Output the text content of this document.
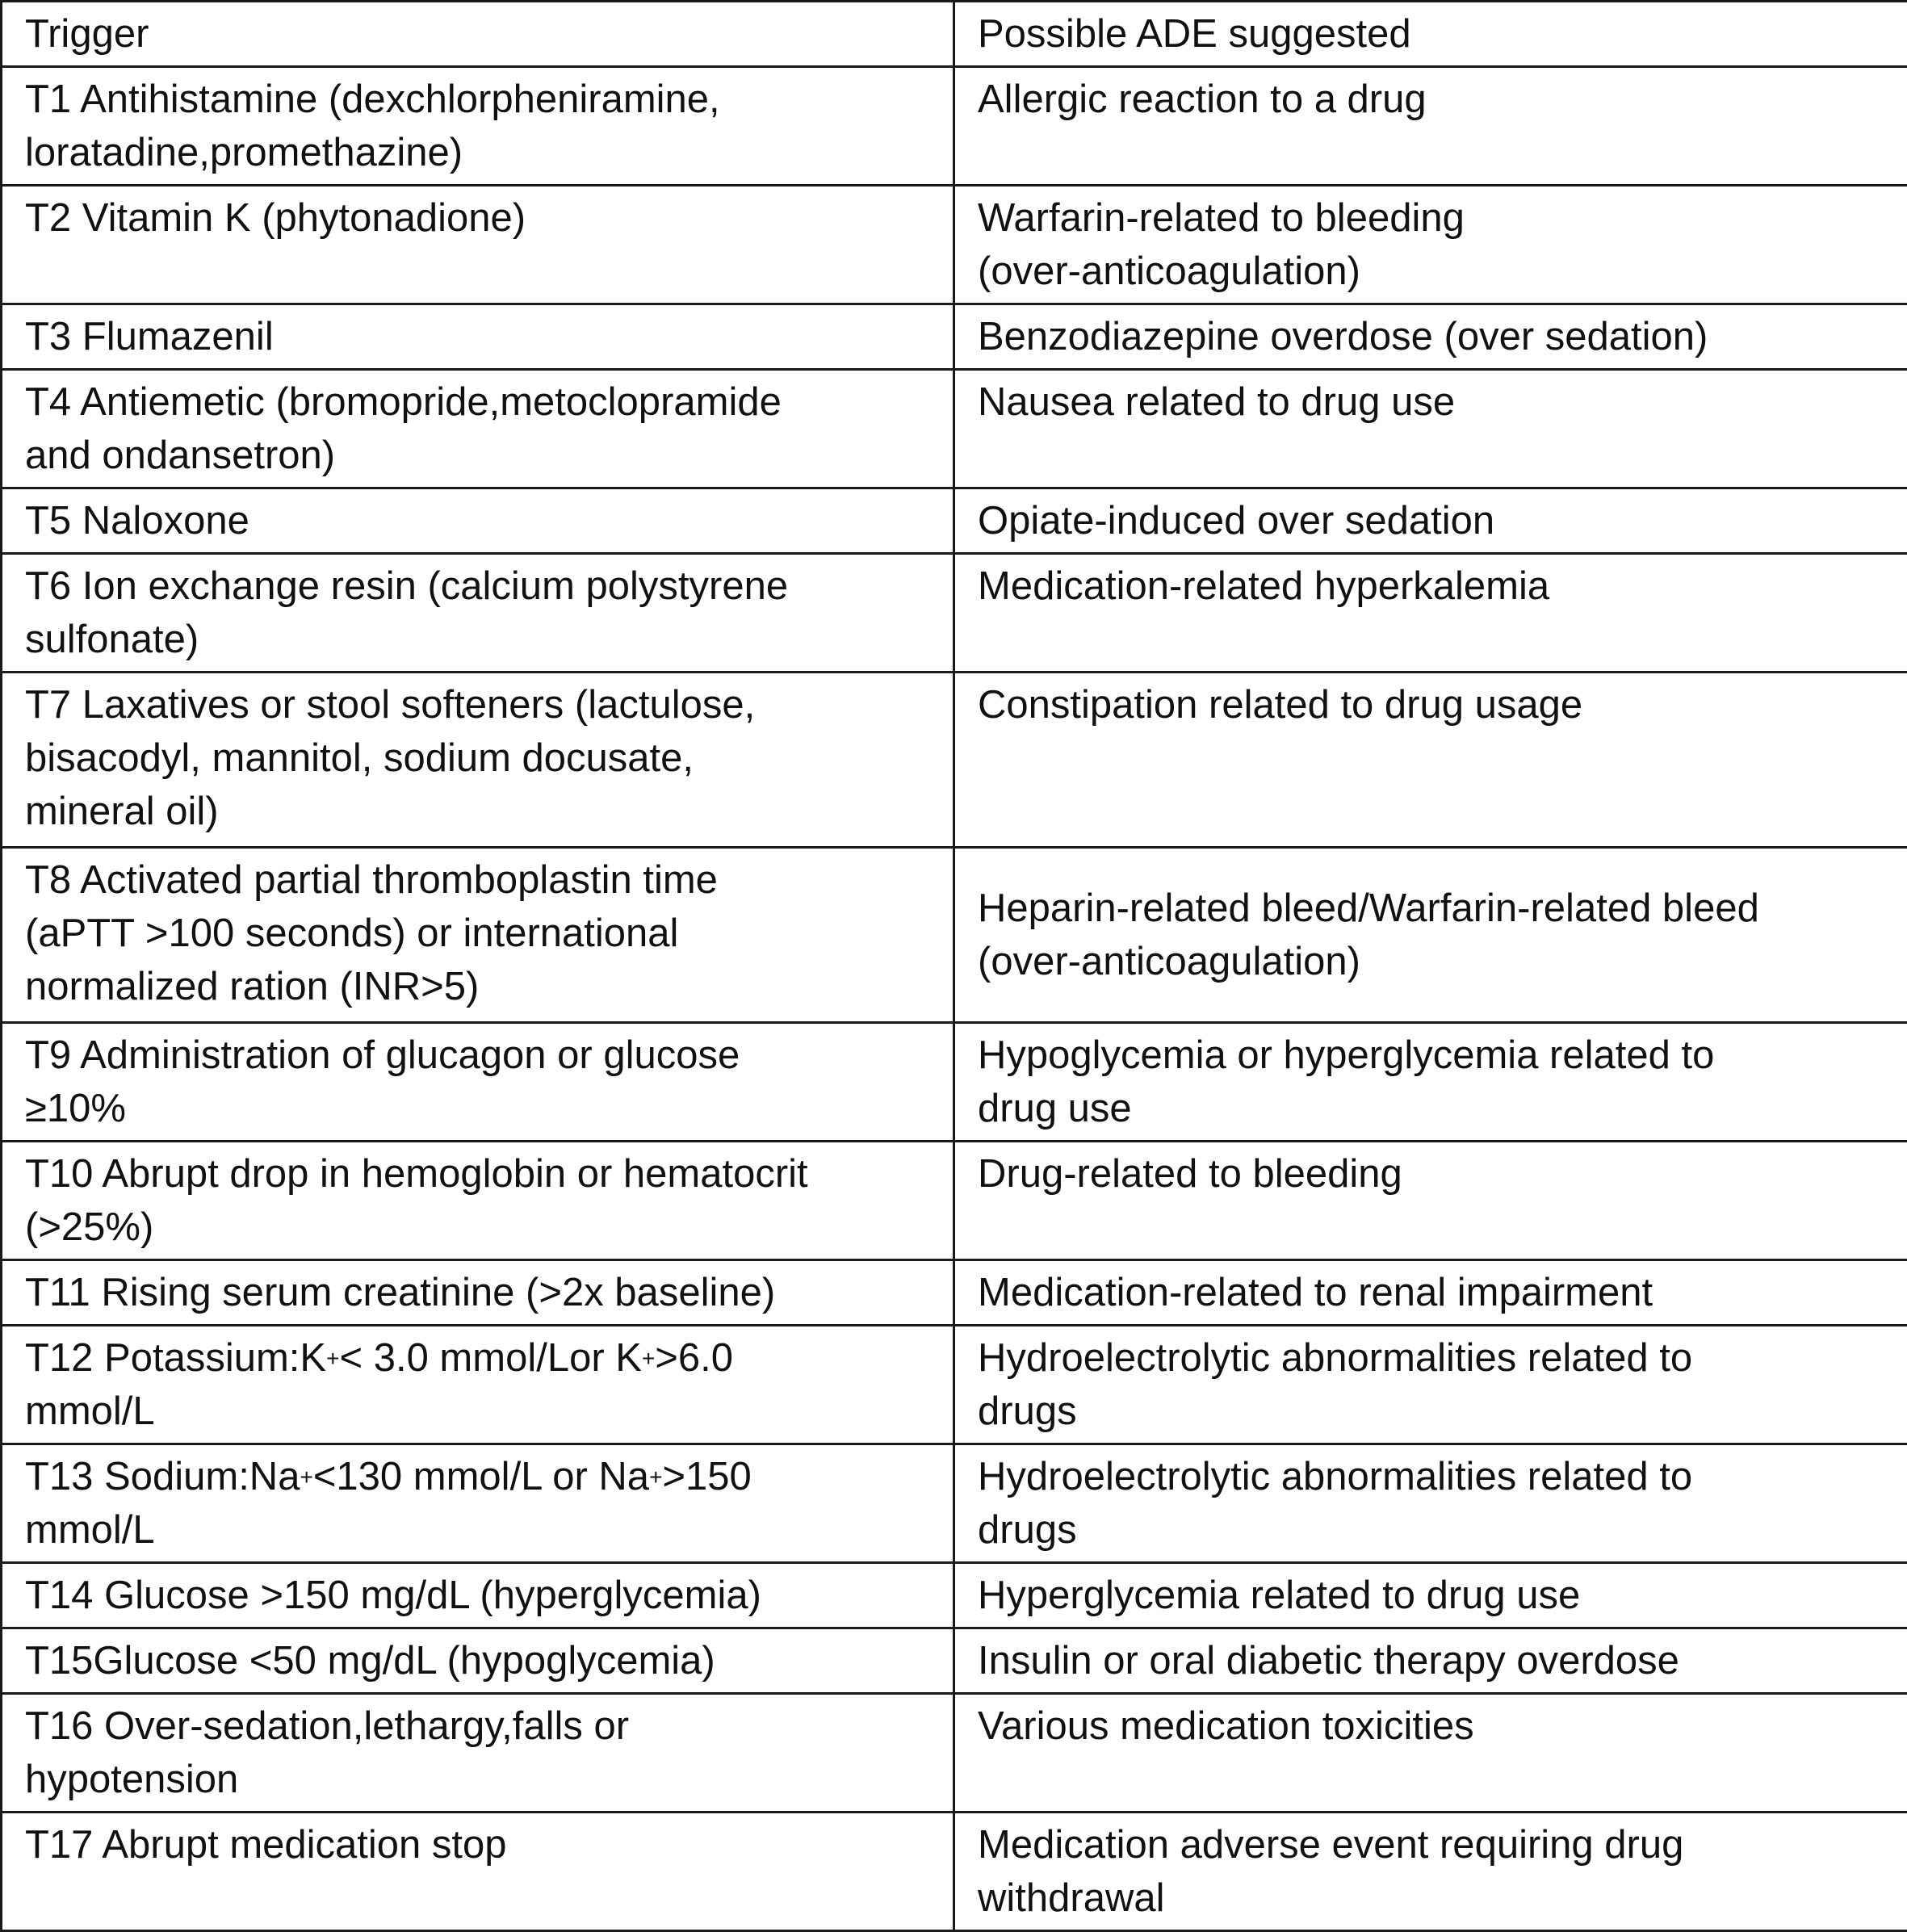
Trigger	Possible ADE suggested
T1 Antihistamine (dexchlorpheniramine,
loratadine,promethazine)	Allergic reaction to a drug
T2 Vitamin K (phytonadione)	Warfarin-related to bleeding
(over-anticoagulation)
T3 Flumazenil	Benzodiazepine overdose (over sedation)
T4 Antiemetic (bromopride,metoclopramide
and ondansetron)	Nausea related to drug use
T5 Naloxone	Opiate-induced over sedation
T6 Ion exchange resin (calcium polystyrene
sulfonate)	Medication-related hyperkalemia
T7 Laxatives or stool softeners (lactulose,
bisacodyl, mannitol, sodium docusate,
mineral oil)	Constipation related to drug usage
T8 Activated partial thromboplastin time
(aPTT >100 seconds) or international
normalized ration (INR>5)	Heparin-related bleed/Warfarin-related bleed
(over-anticoagulation)
T9 Administration of glucagon or glucose
≥10%	Hypoglycemia or hyperglycemia related to
drug use
T10 Abrupt drop in hemoglobin or hematocrit
(>25%)	Drug-related to bleeding
T11 Rising serum creatinine (>2x baseline)	Medication-related to renal impairment
T12 Potassium:K+< 3.0 mmol/Lor K+>6.0
mmol/L	Hydroelectrolytic abnormalities related to
drugs
T13 Sodium:Na+<130 mmol/L or Na+>150
mmol/L	Hydroelectrolytic abnormalities related to
drugs
T14 Glucose >150 mg/dL (hyperglycemia)	Hyperglycemia related to drug use
T15Glucose <50 mg/dL (hypoglycemia)	Insulin or oral diabetic therapy overdose
T16 Over-sedation,lethargy,falls or
hypotension	Various medication toxicities
T17 Abrupt medication stop	Medication adverse event requiring drug
withdrawal
